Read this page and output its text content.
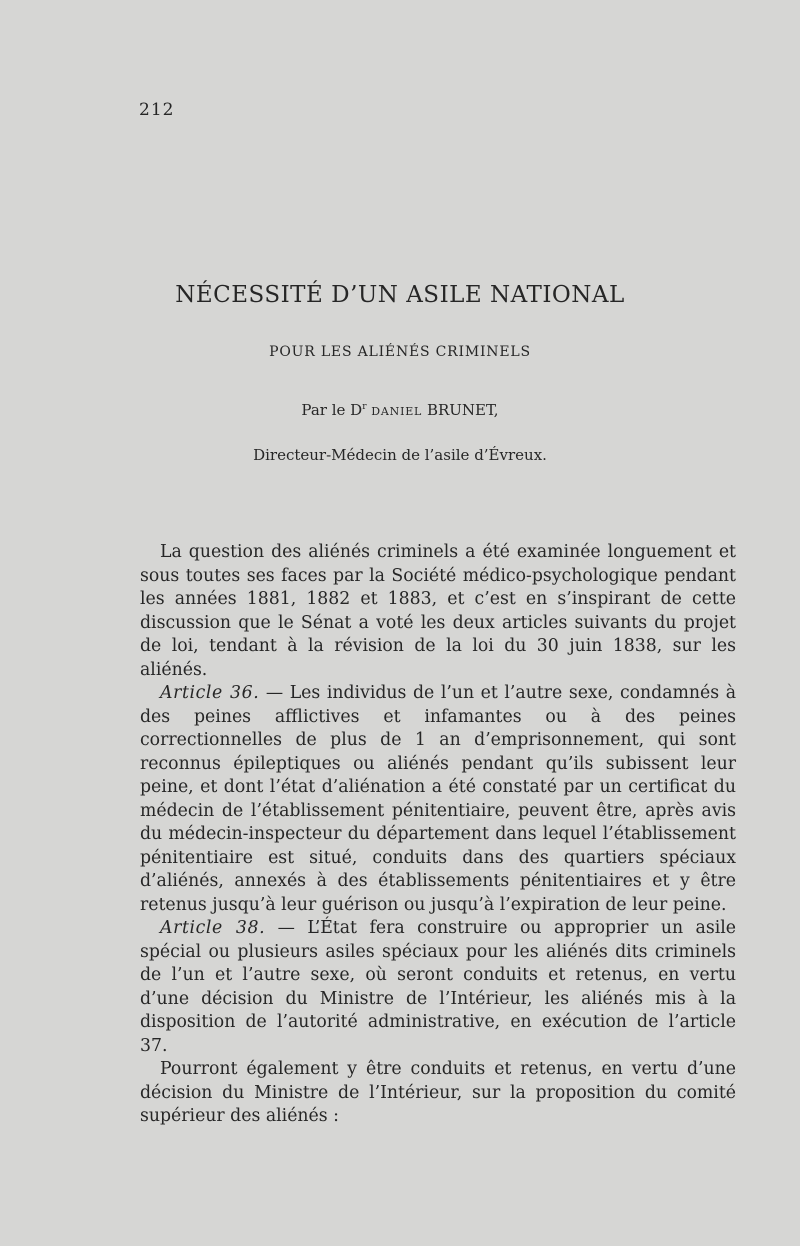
212
NÉCESSITÉ D’UN ASILE NATIONAL
POUR LES ALIÉNÉS CRIMINELS
Par le $D^r$ DANIEL BRUNET,
Directeur-Médecin de l’asile d’Évreux.

La question des aliénés criminels a été examinée longuement et sous toutes ses faces par la Société médico-psychologique pendant les années 1881, 1882 et 1883, et c’est en s’inspirant de cette discussion que le Sénat a voté les deux articles suivants du projet de loi, tendant à la révision de la loi du 30 juin 1838, sur les aliénés.

Article 36. — Les individus de l’un et l’autre sexe, condamnés à des peines afflictives et infamantes ou à des peines correctionnelles de plus de 1 an d’emprisonnement, qui sont reconnus épileptiques ou aliénés pendant qu’ils subissent leur peine, et dont l’état d’aliénation a été constaté par un certificat du médecin de l’établissement pénitentiaire, peuvent être, après avis du médecin-inspecteur du département dans lequel l’établissement pénitentiaire est situé, conduits dans des quartiers spéciaux d’aliénés, annexés à des établissements pénitentiaires et y être retenus jusqu’à leur guérison ou jusqu’à l’expiration de leur peine.

Article 38. — L’État fera construire ou approprier un asile spécial ou plusieurs asiles spéciaux pour les aliénés dits criminels de l’un et l’autre sexe, où seront conduits et retenus, en vertu d’une décision du Ministre de l’Intérieur, les aliénés mis à la disposition de l’autorité administrative, en exécution de l’article 37.

Pourront également y être conduits et retenus, en vertu d’une décision du Ministre de l’Intérieur, sur la proposition du comité supérieur des aliénés :
